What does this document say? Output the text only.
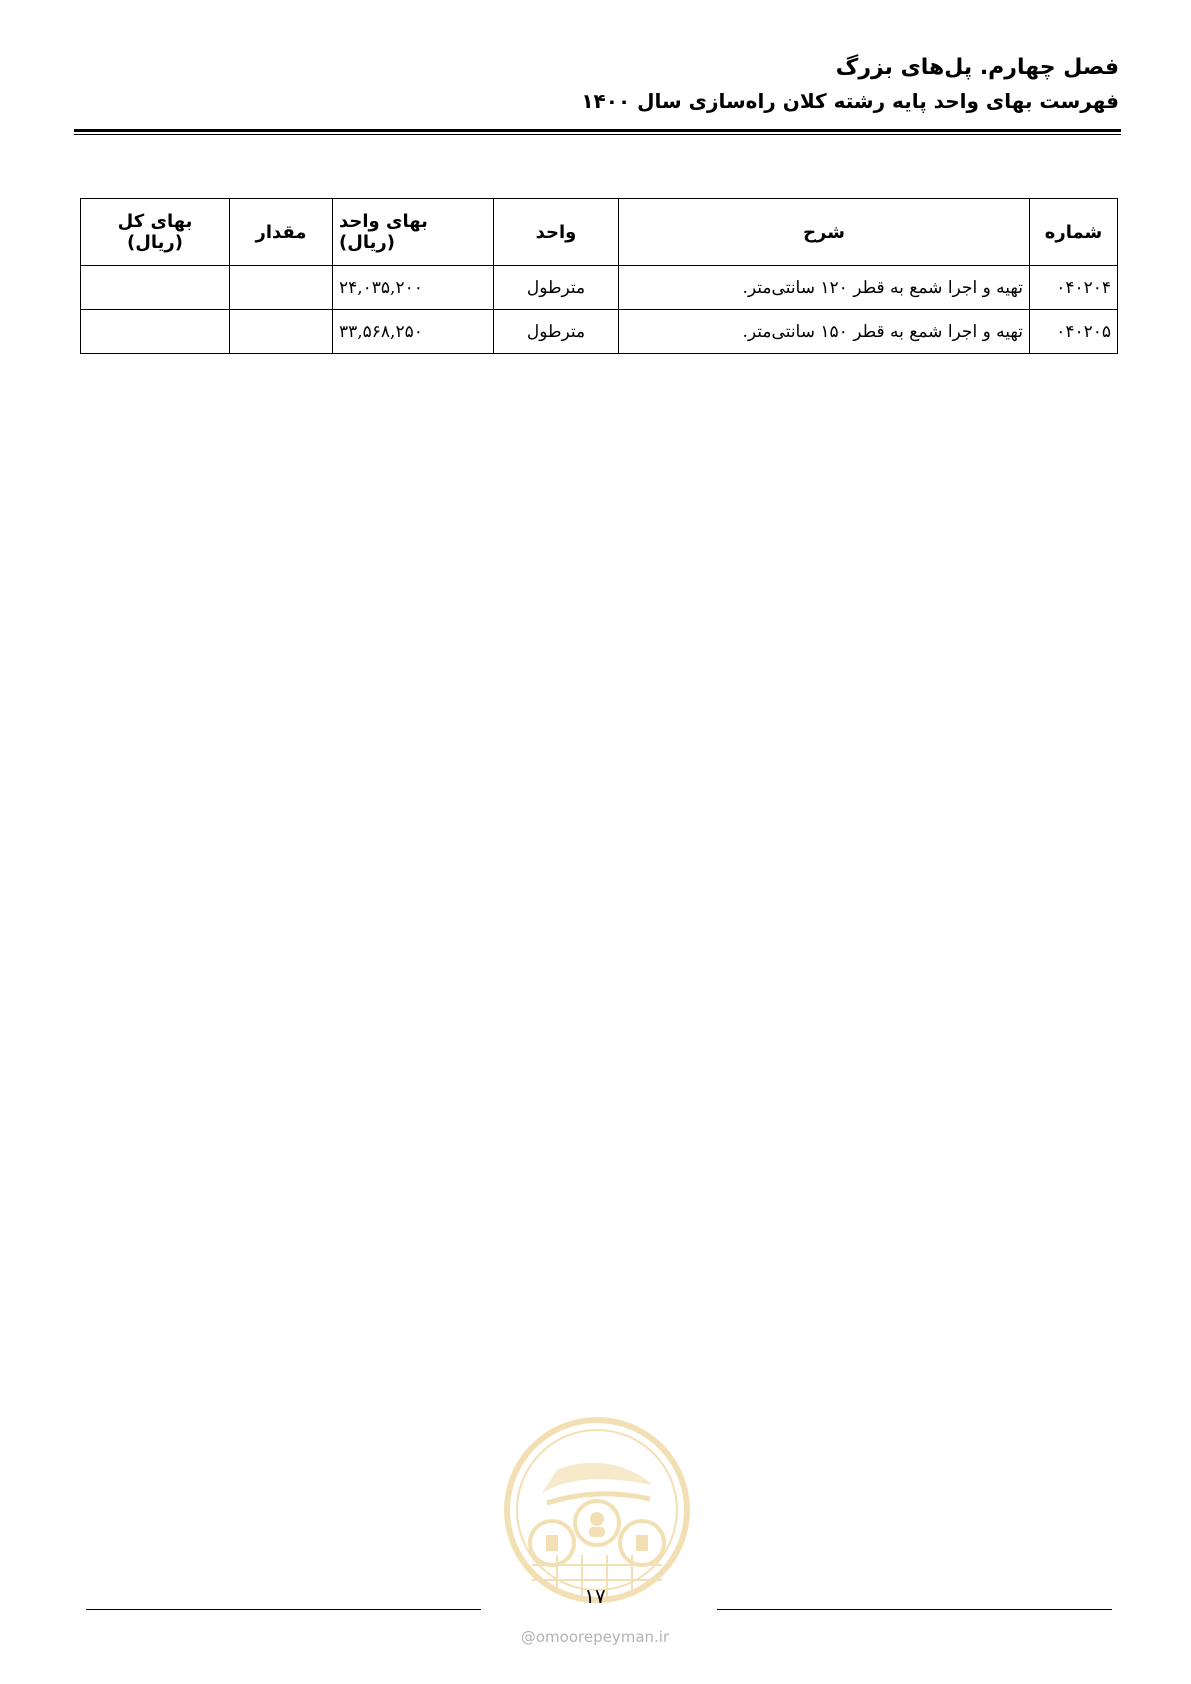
فصل چهارم. پل‌های بزرگ
فهرست بهای واحد پایه رشته کلان راه‌سازی سال ۱۴۰۰
شماره	شرح	واحد	بهای واحد (ریال)	مقدار	بهای کل (ریال)
۰۴۰۲۰۴	تهیه و اجرا شمع به قطر ۱۲۰ سانتی‌متر.	مترطول	۲۴,۰۳۵,۲۰۰		
۰۴۰۲۰۵	تهیه و اجرا شمع به قطر ۱۵۰ سانتی‌متر.	مترطول	۳۳,۵۶۸,۲۵۰		
۱۷
@omoorepeyman.ir
